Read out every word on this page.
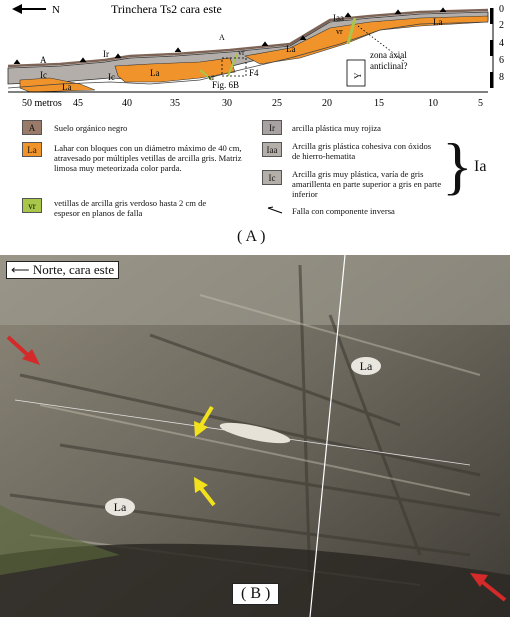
N	Trinchera Ts2 cara este	0
2
4
6
8
Y
A
Ir
Ic	Ic
La
La
La
La
vr
vr
vr
A
Iaa
F4
Fig. 6B
zona axial
anticlinal?
50 metros 45	40	35	30	25	20	15	10	5
A	Suelo orgánico negro
La	Lahar con bloques con un diámetro máximo de 40 cm, atravesado por múltiples vetillas de arcilla gris. Matriz limosa muy meteorizada color parda.
vr	vetillas de arcilla gris verdoso hasta 2 cm de espesor en planos de falla
Ir	arcilla plástica muy rojiza
Iaa	Arcilla gris plástica cohesiva con óxidos de hierro-hematita
Ic	Arcilla gris muy plástica, varía de gris amarillenta en parte superior a gris en parte inferior
Falla con componente inversa
} Ia
( A )
⟵ Norte, cara este
La
La
( B )
